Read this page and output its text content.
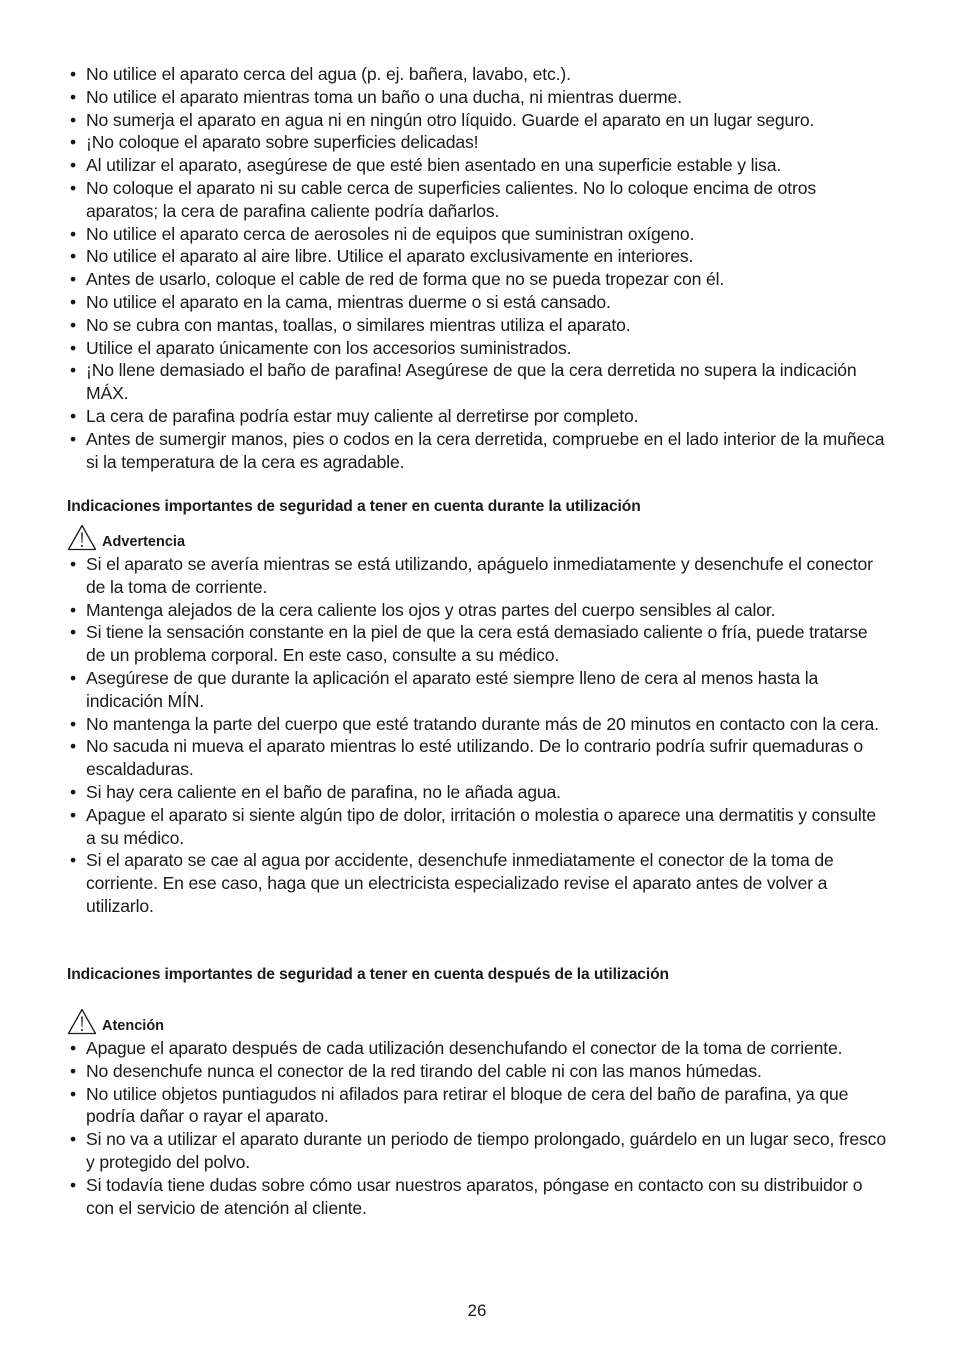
• No utilice el aparato cerca del agua (p. ej. bañera, lavabo, etc.).
• No utilice el aparato mientras toma un baño o una ducha, ni mientras duerme.
• No sumerja el aparato en agua ni en ningún otro líquido. Guarde el aparato en un lugar seguro.
• ¡No coloque el aparato sobre superficies delicadas!
• Al utilizar el aparato, asegúrese de que esté bien asentado en una superficie estable y lisa.
• No coloque el aparato ni su cable cerca de superficies calientes. No lo coloque encima de otros aparatos; la cera de parafina caliente podría dañarlos.
• No utilice el aparato cerca de aerosoles ni de equipos que suministran oxígeno.
• No utilice el aparato al aire libre. Utilice el aparato exclusivamente en interiores.
• Antes de usarlo, coloque el cable de red de forma que no se pueda tropezar con él.
• No utilice el aparato en la cama, mientras duerme o si está cansado.
• No se cubra con mantas, toallas, o similares mientras utiliza el aparato.
• Utilice el aparato únicamente con los accesorios suministrados.
• ¡No llene demasiado el baño de parafina! Asegúrese de que la cera derretida no supera la indicación MÁX.
• La cera de parafina podría estar muy caliente al derretirse por completo.
• Antes de sumergir manos, pies o codos en la cera derretida, compruebe en el lado interior de la muñeca si la temperatura de la cera es agradable.
Indicaciones importantes de seguridad a tener en cuenta durante la utilización
Advertencia
• Si el aparato se avería mientras se está utilizando, apáguelo inmediatamente y desenchufe el conector de la toma de corriente.
• Mantenga alejados de la cera caliente los ojos y otras partes del cuerpo sensibles al calor.
• Si tiene la sensación constante en la piel de que la cera está demasiado caliente o fría, puede tratarse de un problema corporal. En este caso, consulte a su médico.
• Asegúrese de que durante la aplicación el aparato esté siempre lleno de cera al menos hasta la indicación MÍN.
• No mantenga la parte del cuerpo que esté tratando durante más de 20 minutos en contacto con la cera.
• No sacuda ni mueva el aparato mientras lo esté utilizando. De lo contrario podría sufrir quemaduras o escaldaduras.
• Si hay cera caliente en el baño de parafina, no le añada agua.
• Apague el aparato si siente algún tipo de dolor, irritación o molestia o aparece una dermatitis y consulte a su médico.
• Si el aparato se cae al agua por accidente, desenchufe inmediatamente el conector de la toma de corriente. En ese caso, haga que un electricista especializado revise el aparato antes de volver a utilizarlo.
Indicaciones importantes de seguridad a tener en cuenta después de la utilización
Atención
• Apague el aparato después de cada utilización desenchufando el conector de la toma de corriente.
• No desenchufe nunca el conector de la red tirando del cable ni con las manos húmedas.
• No utilice objetos puntiagudos ni afilados para retirar el bloque de cera del baño de parafina, ya que podría dañar o rayar el aparato.
• Si no va a utilizar el aparato durante un periodo de tiempo prolongado, guárdelo en un lugar seco, fresco y protegido del polvo.
• Si todavía tiene dudas sobre cómo usar nuestros aparatos, póngase en contacto con su distribuidor o con el servicio de atención al cliente.
26
